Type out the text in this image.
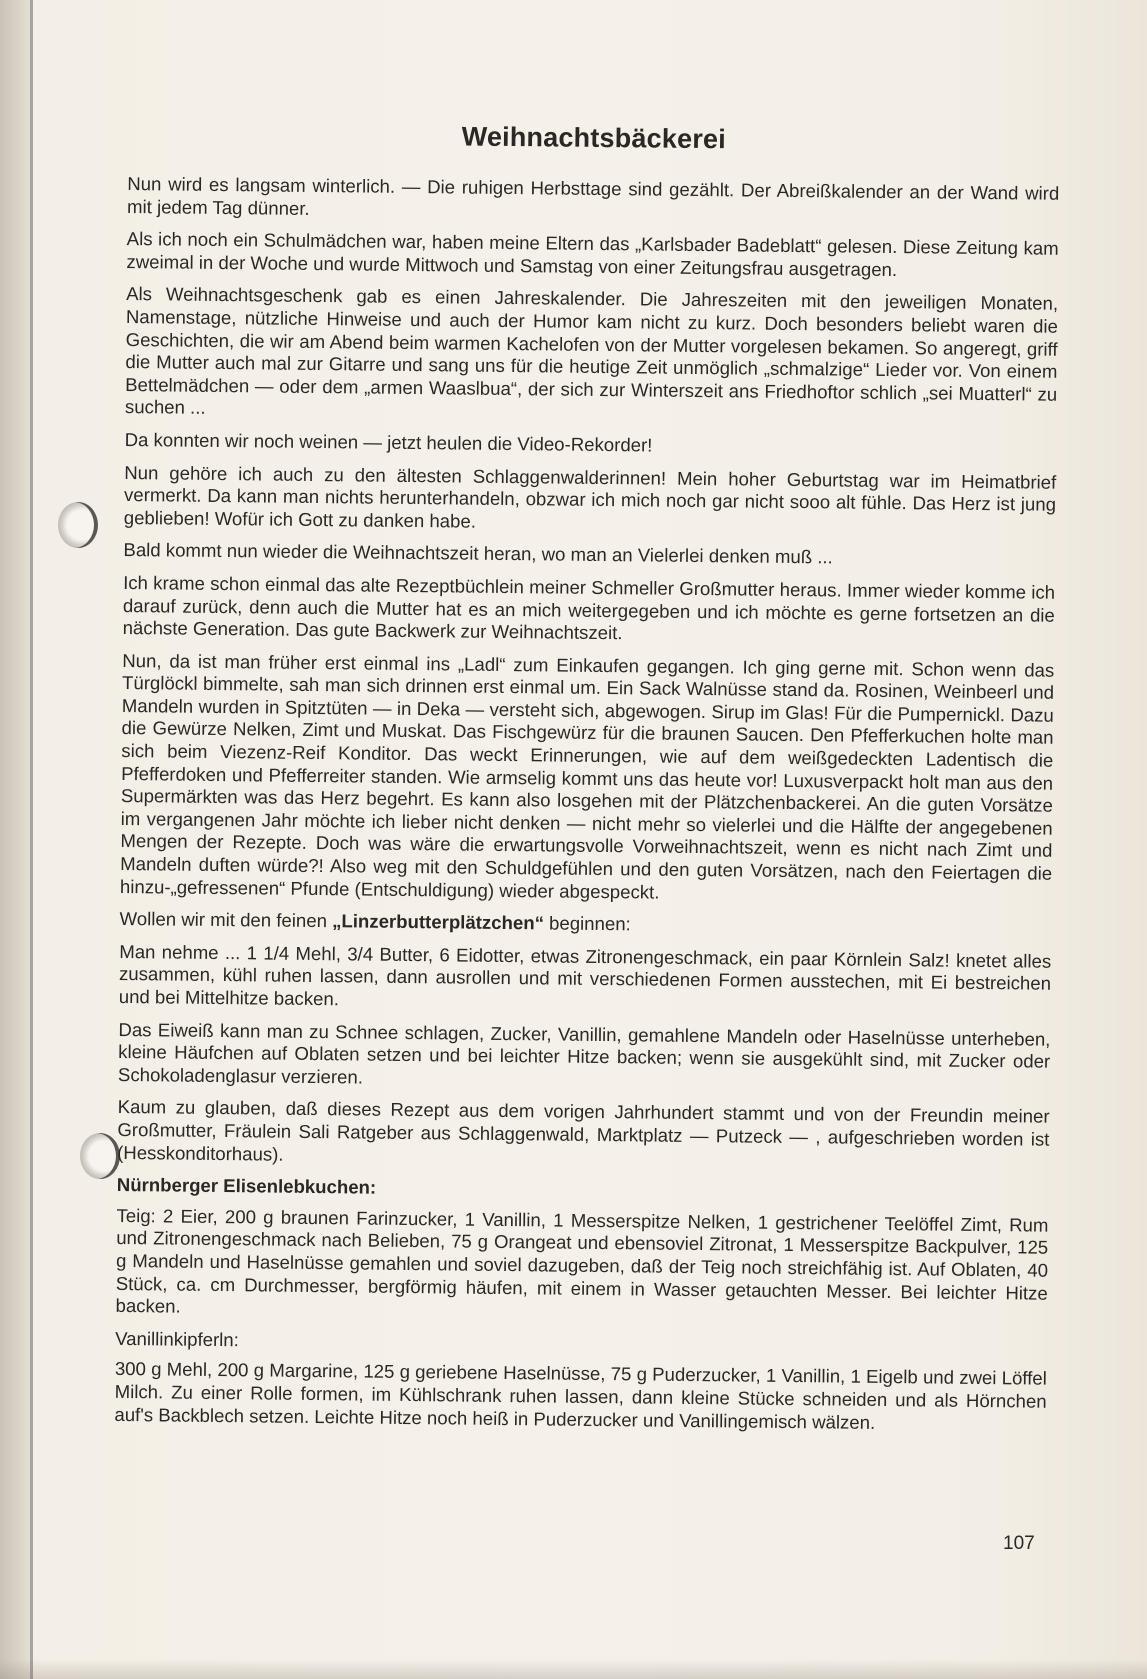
Weihnachtsbäckerei

Nun wird es langsam winterlich. — Die ruhigen Herbsttage sind gezählt. Der Abreißkalender an der Wand wird mit jedem Tag dünner.

Als ich noch ein Schulmädchen war, haben meine Eltern das „Karlsbader Badeblatt“ gelesen. Diese Zeitung kam zweimal in der Woche und wurde Mittwoch und Samstag von einer Zeitungsfrau ausgetragen.

Als Weihnachtsgeschenk gab es einen Jahreskalender. Die Jahreszeiten mit den jeweiligen Monaten, Namenstage, nützliche Hinweise und auch der Humor kam nicht zu kurz. Doch besonders beliebt waren die Geschichten, die wir am Abend beim warmen Kachelofen von der Mutter vorgelesen bekamen. So angeregt, griff die Mutter auch mal zur Gitarre und sang uns für die heutige Zeit unmöglich „schmalzige“ Lieder vor. Von einem Bettelmädchen — oder dem „armen Waaslbua“, der sich zur Winterszeit ans Friedhoftor schlich „sei Muatterl“ zu suchen ...

Da konnten wir noch weinen — jetzt heulen die Video-Rekorder!

Nun gehöre ich auch zu den ältesten Schlaggenwalderinnen! Mein hoher Geburtstag war im Heimatbrief vermerkt. Da kann man nichts herunterhandeln, obzwar ich mich noch gar nicht sooo alt fühle. Das Herz ist jung geblieben! Wofür ich Gott zu danken habe.

Bald kommt nun wieder die Weihnachtszeit heran, wo man an Vielerlei denken muß ...

Ich krame schon einmal das alte Rezeptbüchlein meiner Schmeller Großmutter heraus. Immer wieder komme ich darauf zurück, denn auch die Mutter hat es an mich weitergegeben und ich möchte es gerne fortsetzen an die nächste Generation. Das gute Backwerk zur Weihnachtszeit.

Nun, da ist man früher erst einmal ins „Ladl“ zum Einkaufen gegangen. Ich ging gerne mit. Schon wenn das Türglöckl bimmelte, sah man sich drinnen erst einmal um. Ein Sack Walnüsse stand da. Rosinen, Weinbeerl und Mandeln wurden in Spitztüten — in Deka — versteht sich, abgewogen. Sirup im Glas! Für die Pumpernickl. Dazu die Gewürze Nelken, Zimt und Muskat. Das Fischgewürz für die braunen Saucen. Den Pfefferkuchen holte man sich beim Viezenz-Reif Konditor. Das weckt Erinnerungen, wie auf dem weißgedeckten Ladentisch die Pfefferdoken und Pfefferreiter standen. Wie armselig kommt uns das heute vor! Luxusverpackt holt man aus den Supermärkten was das Herz begehrt. Es kann also losgehen mit der Plätzchenbackerei. An die guten Vorsätze im vergangenen Jahr möchte ich lieber nicht denken — nicht mehr so vielerlei und die Hälfte der angegebenen Mengen der Rezepte. Doch was wäre die erwartungsvolle Vorweihnachtszeit, wenn es nicht nach Zimt und Mandeln duften würde?! Also weg mit den Schuldgefühlen und den guten Vorsätzen, nach den Feiertagen die hinzu-„gefressenen“ Pfunde (Entschuldigung) wieder abgespeckt.

Wollen wir mit den feinen „Linzerbutterplätzchen“ beginnen:

Man nehme ... 1 1/4 Mehl, 3/4 Butter, 6 Eidotter, etwas Zitronengeschmack, ein paar Körnlein Salz! knetet alles zusammen, kühl ruhen lassen, dann ausrollen und mit verschiedenen Formen ausstechen, mit Ei bestreichen und bei Mittelhitze backen.

Das Eiweiß kann man zu Schnee schlagen, Zucker, Vanillin, gemahlene Mandeln oder Haselnüsse unterheben, kleine Häufchen auf Oblaten setzen und bei leichter Hitze backen; wenn sie ausgekühlt sind, mit Zucker oder Schokoladenglasur verzieren.

Kaum zu glauben, daß dieses Rezept aus dem vorigen Jahrhundert stammt und von der Freundin meiner Großmutter, Fräulein Sali Ratgeber aus Schlaggenwald, Marktplatz — Putzeck — , aufgeschrieben worden ist (Hesskonditorhaus).

Nürnberger Elisenlebkuchen:

Teig: 2 Eier, 200 g braunen Farinzucker, 1 Vanillin, 1 Messerspitze Nelken, 1 gestrichener Teelöffel Zimt, Rum und Zitronengeschmack nach Belieben, 75 g Orangeat und ebensoviel Zitronat, 1 Messerspitze Backpulver, 125 g Mandeln und Haselnüsse gemahlen und soviel dazugeben, daß der Teig noch streichfähig ist. Auf Oblaten, 40 Stück, ca. cm Durchmesser, bergförmig häufen, mit einem in Wasser getauchten Messer. Bei leichter Hitze backen.

Vanillinkipferln:

300 g Mehl, 200 g Margarine, 125 g geriebene Haselnüsse, 75 g Puderzucker, 1 Vanillin, 1 Eigelb und zwei Löffel Milch. Zu einer Rolle formen, im Kühlschrank ruhen lassen, dann kleine Stücke schneiden und als Hörnchen auf's Backblech setzen. Leichte Hitze noch heiß in Puderzucker und Vanillingemisch wälzen.

107
